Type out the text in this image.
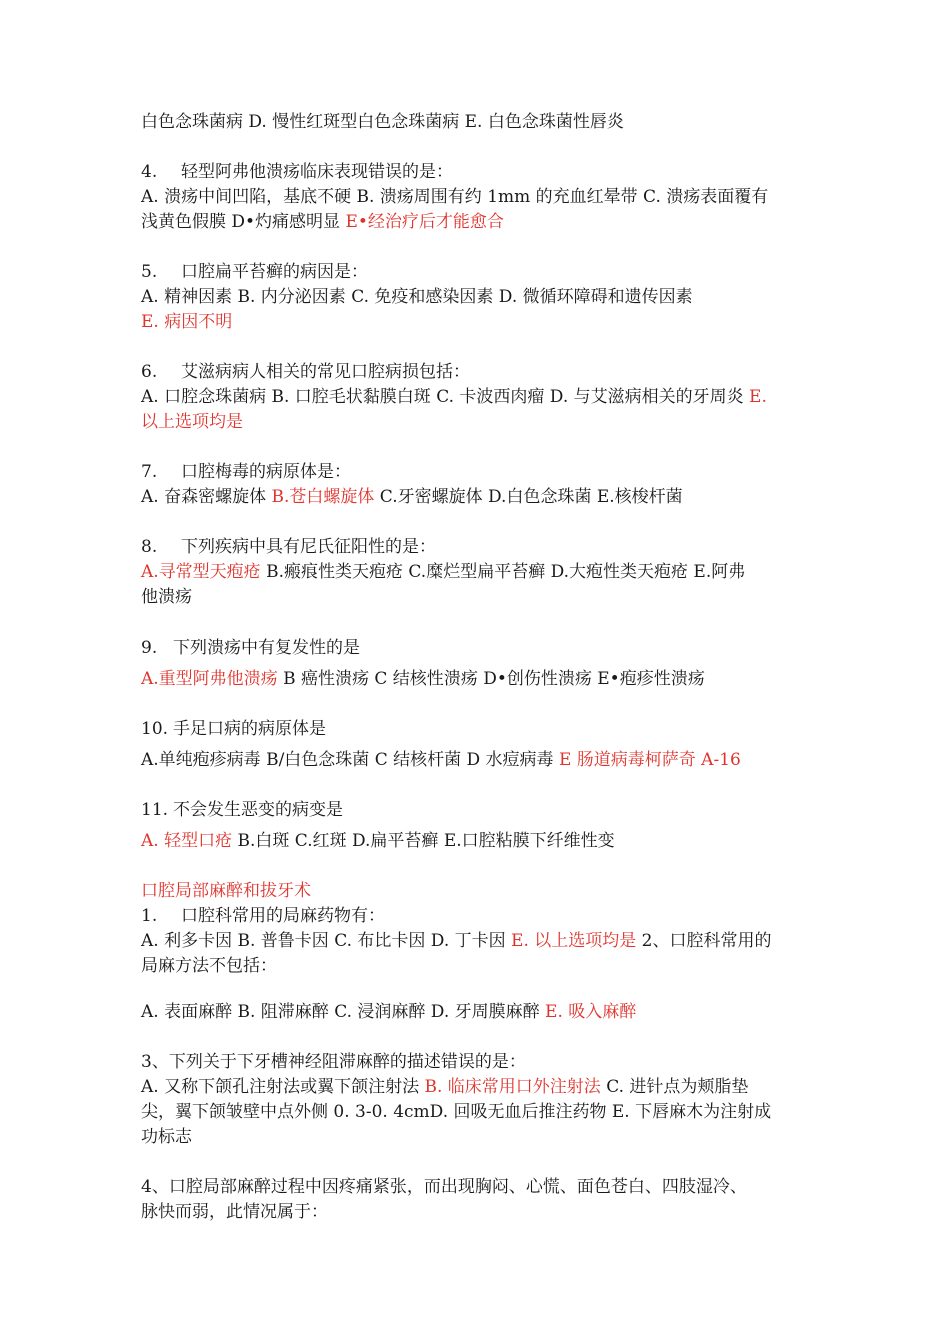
白色念珠菌病 D. 慢性红斑型白色念珠菌病 E. 白色念珠菌性唇炎

4. 轻型阿弗他溃疡临床表现错误的是：

A. 溃疡中间凹陷，基底不硬 B. 溃疡周围有约 1mm 的充血红晕带 C. 溃疡表面覆有

浅黄色假膜 D•灼痛感明显 E•经治疗后才能愈合

5. 口腔扁平苔癣的病因是：

A. 精神因素 B. 内分泌因素 C. 免疫和感染因素 D. 微循环障碍和遗传因素

E. 病因不明

6. 艾滋病病人相关的常见口腔病损包括：

A. 口腔念珠菌病 B. 口腔毛状黏膜白斑 C. 卡波西肉瘤 D. 与艾滋病相关的牙周炎 E.

以上选项均是

7. 口腔梅毒的病原体是：

A. 奋森密螺旋体 B.苍白螺旋体 C.牙密螺旋体 D.白色念珠菌 E.核梭杆菌

8. 下列疾病中具有尼氏征阳性的是：

A.寻常型天疱疮 B.瘢痕性类天疱疮 C.糜烂型扁平苔癣 D.大疱性类天疱疮 E.阿弗

他溃疡

9. 下列溃疡中有复发性的是

A.重型阿弗他溃疡 B 癌性溃疡 C 结核性溃疡 D•创伤性溃疡 E•疱疹性溃疡

10. 手足口病的病原体是

A.单纯疱疹病毒 B/白色念珠菌 C 结核杆菌 D 水痘病毒 E 肠道病毒柯萨奇 A-16

11. 不会发生恶变的病变是

A. 轻型口疮 B.白斑 C.红斑 D.扁平苔癣 E.口腔粘膜下纤维性变

口腔局部麻醉和拔牙术

1. 口腔科常用的局麻药物有：

A. 利多卡因 B. 普鲁卡因 C. 布比卡因 D. 丁卡因 E. 以上选项均是 2、口腔科常用的

局麻方法不包括：

A. 表面麻醉 B. 阻滞麻醉 C. 浸润麻醉 D. 牙周膜麻醉 E. 吸入麻醉

3、下列关于下牙槽神经阻滞麻醉的描述错误的是：

A. 又称下颌孔注射法或翼下颌注射法 B. 临床常用口外注射法 C. 进针点为颊脂垫

尖，翼下颌皱壁中点外侧 0. 3-0. 4cmD. 回吸无血后推注药物 E. 下唇麻木为注射成

功标志

4、口腔局部麻醉过程中因疼痛紧张，而出现胸闷、心慌、面色苍白、四肢湿冷、

脉快而弱，此情况属于：
